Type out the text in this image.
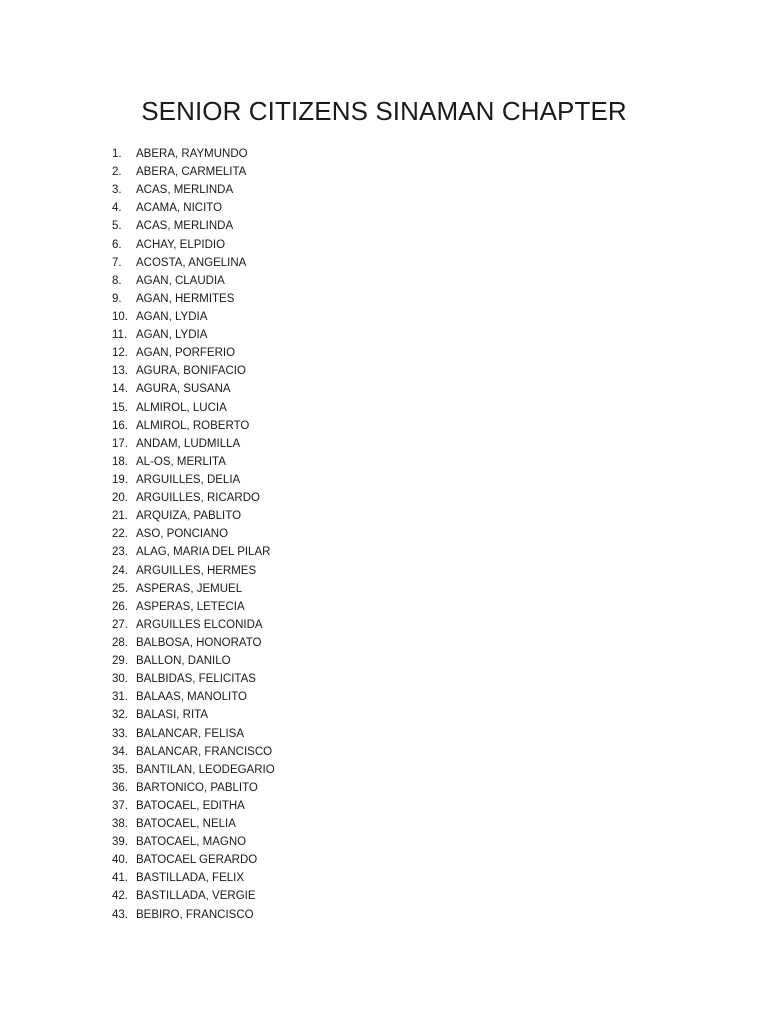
SENIOR CITIZENS SINAMAN CHAPTER
1.	ABERA, RAYMUNDO
2.	ABERA, CARMELITA
3.	ACAS, MERLINDA
4.	ACAMA, NICITO
5.	ACAS, MERLINDA
6.	ACHAY, ELPIDIO
7.	ACOSTA, ANGELINA
8.	AGAN, CLAUDIA
9.	AGAN, HERMITES
10. AGAN, LYDIA
11. AGAN, LYDIA
12. AGAN, PORFERIO
13. AGURA, BONIFACIO
14. AGURA, SUSANA
15. ALMIROL, LUCIA
16. ALMIROL, ROBERTO
17. ANDAM, LUDMILLA
18. AL-OS, MERLITA
19. ARGUILLES, DELIA
20. ARGUILLES, RICARDO
21. ARQUIZA, PABLITO
22. ASO, PONCIANO
23. ALAG, MARIA DEL PILAR
24. ARGUILLES, HERMES
25. ASPERAS, JEMUEL
26. ASPERAS, LETECIA
27. ARGUILLES ELCONIDA
28. BALBOSA, HONORATO
29. BALLON, DANILO
30. BALBIDAS, FELICITAS
31. BALAAS, MANOLITO
32. BALASI, RITA
33. BALANCAR, FELISA
34. BALANCAR, FRANCISCO
35. BANTILAN, LEODEGARIO
36. BARTONICO, PABLITO
37. BATOCAEL, EDITHA
38. BATOCAEL, NELIA
39. BATOCAEL, MAGNO
40. BATOCAEL GERARDO
41. BASTILLADA, FELIX
42. BASTILLADA, VERGIE
43. BEBIRO, FRANCISCO
